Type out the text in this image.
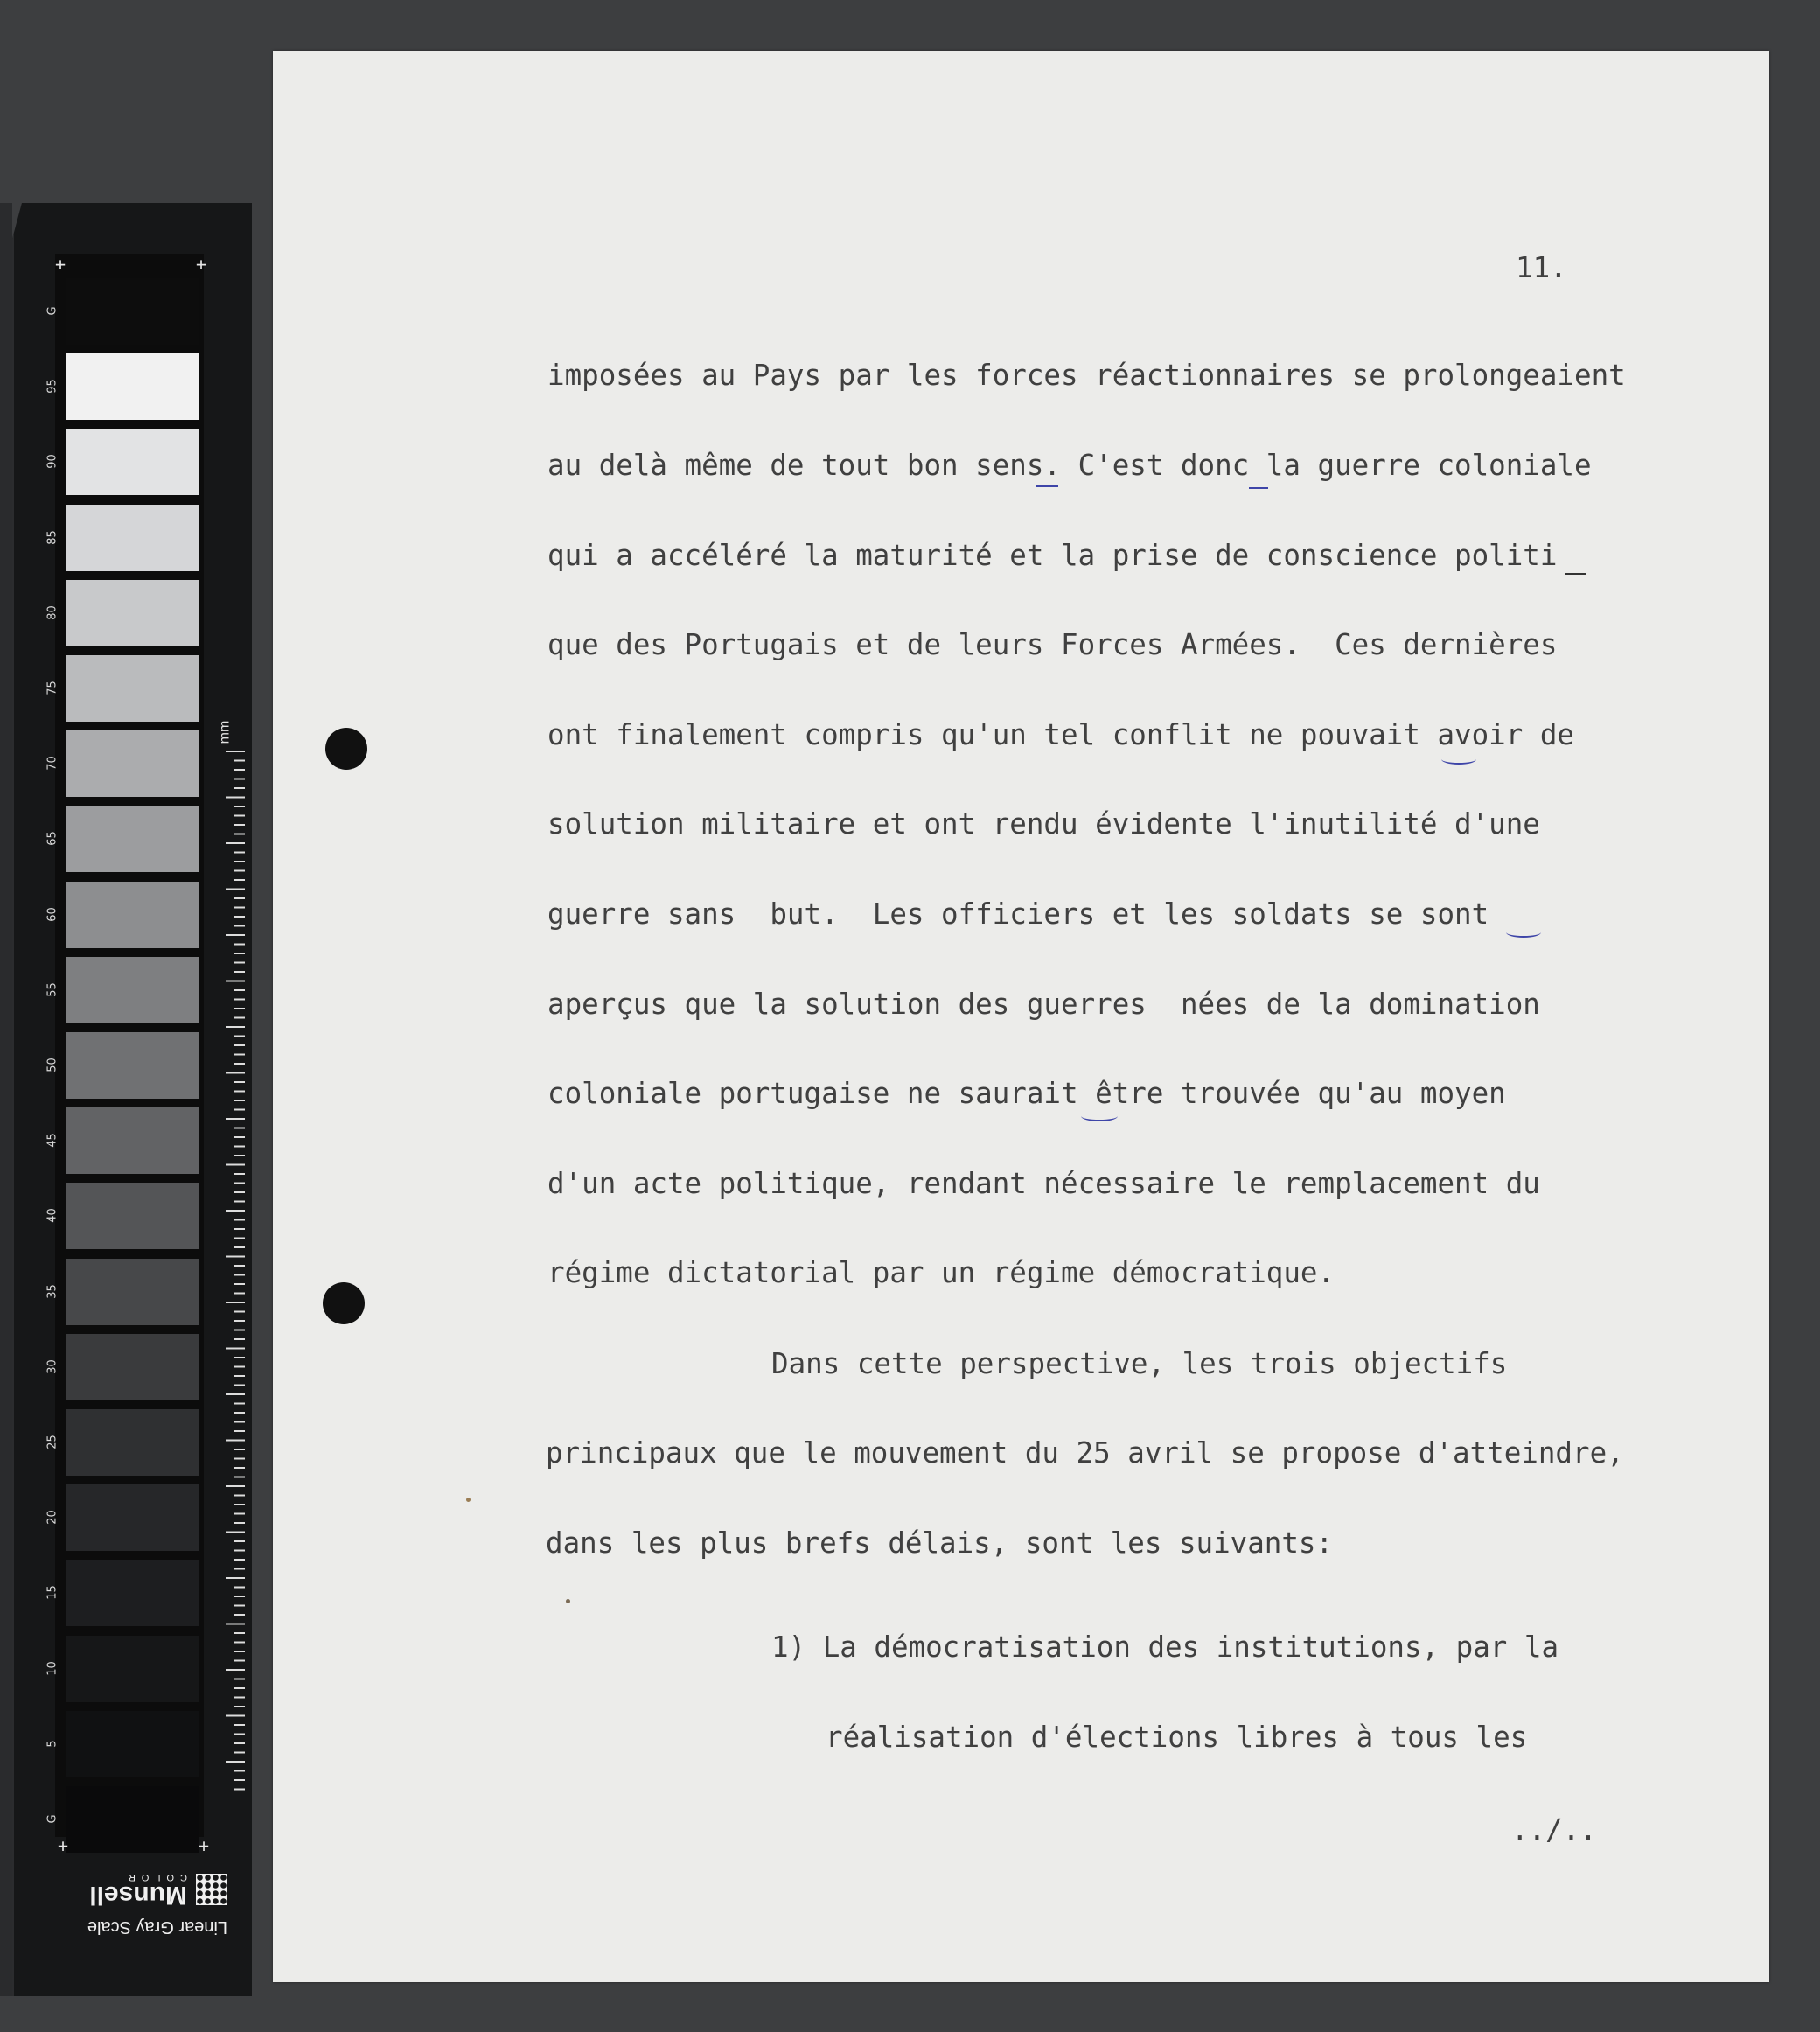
G
95
90
85
80
75
70
65
60
55
50
45
40
35
30
25
20
15
10
5
G
+	+
+	+
mm
Linear Gray Scale
Munsell
COLOR
11.
imposées au Pays par les forces réactionnaires se prolongeaient
au delà même de tout bon sens. C'est donc la guerre coloniale
qui a accéléré la maturité et la prise de conscience politi
que des Portugais et de leurs Forces Armées.  Ces dernières
ont finalement compris qu'un tel conflit ne pouvait avoir de
solution militaire et ont rendu évidente l'inutilité d'une
guerre sans  but.  Les officiers et les soldats se sont
aperçus que la solution des guerres  nées de la domination
coloniale portugaise ne saurait être trouvée qu'au moyen
d'un acte politique, rendant nécessaire le remplacement du
régime dictatorial par un régime démocratique.
Dans cette perspective, les trois objectifs
principaux que le mouvement du 25 avril se propose d'atteindre,
dans les plus brefs délais, sont les suivants:
1) La démocratisation des institutions, par la
réalisation d'élections libres à tous les
../..
